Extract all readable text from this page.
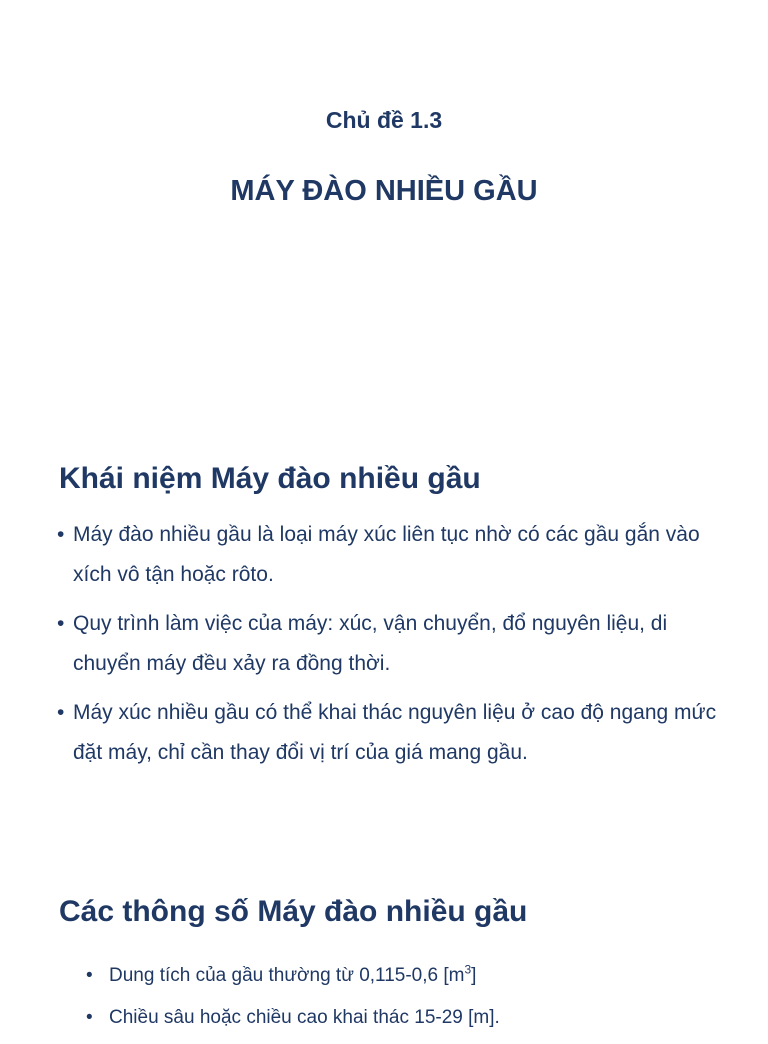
Chủ đề 1.3
MÁY ĐÀO NHIỀU GẦU
Khái niệm Máy đào nhiều gầu
• Máy đào nhiều gầu là loại máy xúc liên tục nhờ có các gầu gắn vào xích vô tận hoặc rôto.
• Quy trình làm việc của máy: xúc, vận chuyển, đổ nguyên liệu, di chuyển máy đều xảy ra đồng thời.
• Máy xúc nhiều gầu có thể khai thác nguyên liệu ở cao độ ngang mức đặt máy, chỉ cần thay đổi vị trí của giá mang gầu.
Các thông số Máy đào nhiều gầu
• Dung tích của gầu thường từ 0,115-0,6 $[m^3]$
• Chiều sâu hoặc chiều cao khai thác 15-29 [m].
